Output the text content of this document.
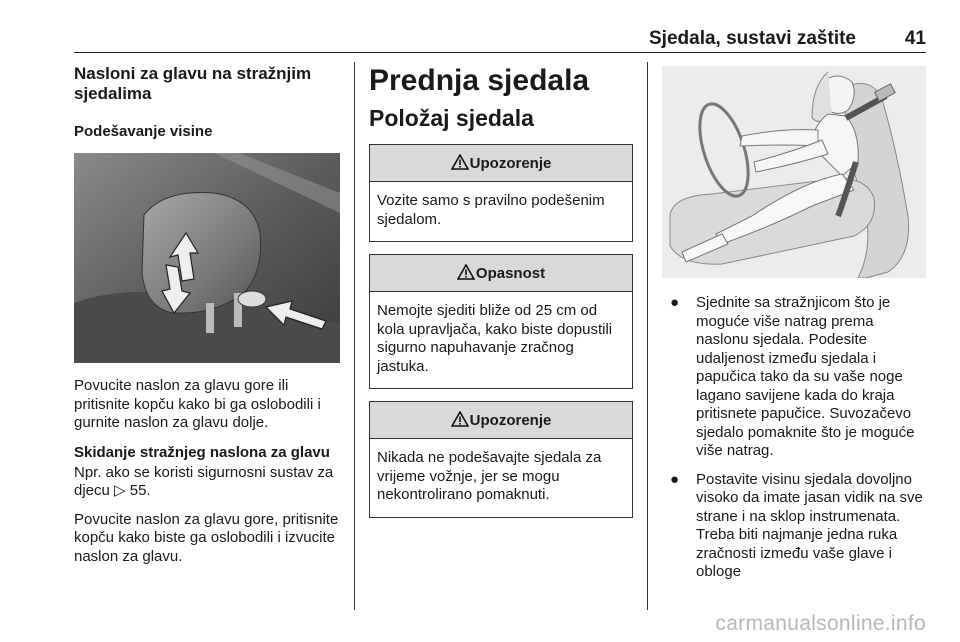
Sjedala, sustavi zaštite	41
Nasloni za glavu na stražnjim sjedalima
Podešavanje visine

Povucite naslon za glavu gore ili pritisnite kopču kako bi ga oslobodili i gurnite naslon za glavu dolje.

Skidanje stražnjeg naslona za glavu

Npr. ako se koristi sigurnosni sustav za djecu ▷ 55.

Povucite naslon za glavu gore, pritisnite kopču kako biste ga oslobodili i izvucite naslon za glavu.

Prednja sjedala
Položaj sjedala
Upozorenje
Vozite samo s pravilno podešenim sjedalom.
Opasnost
Nemojte sjediti bliže od 25 cm od kola upravljača, kako biste dopustili sigurno napuhavanje zračnog jastuka.
Upozorenje
Nikada ne podešavajte sjedala za vrijeme vožnje, jer se mogu nekontrolirano pomaknuti.
● Sjednite sa stražnjicom što je moguće više natrag prema naslonu sjedala. Podesite udaljenost između sjedala i papučica tako da su vaše noge lagano savijene kada do kraja pritisnete papučice. Suvozačevo sjedalo pomaknite što je moguće više natrag.
● Postavite visinu sjedala dovoljno visoko da imate jasan vidik na sve strane i na sklop instrumenata. Treba biti najmanje jedna ruka zračnosti između vaše glave i obloge
carmanualsonline.info
